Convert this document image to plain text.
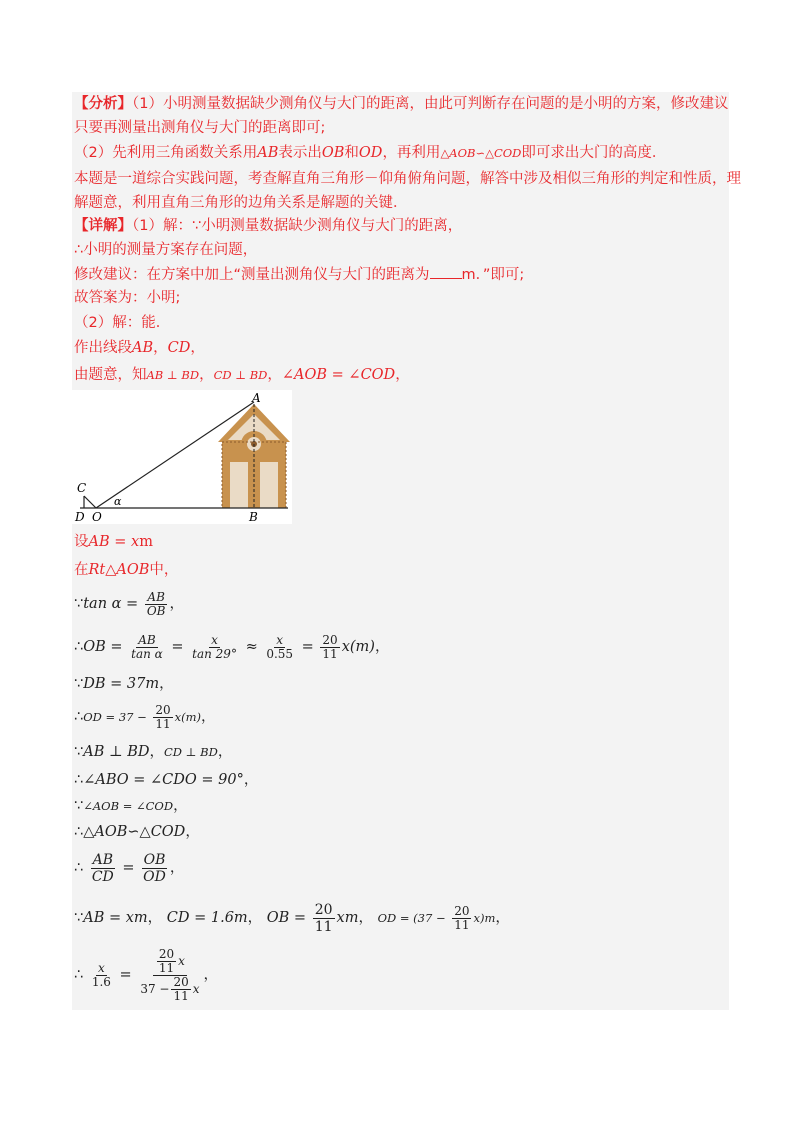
【分析】（1）小明测量数据缺少测角仪与大门的距离，由此可判断存在问题的是小明的方案，修改建议
只要再测量出测角仪与大门的距离即可;
（2）先利用三角函数关系用AB表示出OB和OD，再利用△AOB∽△COD即可求出大门的高度．
本题是一道综合实践问题，考查解直角三角形－仰角俯角问题，解答中涉及相似三角形的判定和性质，理
解题意，利用直角三角形的边角关系是解题的关键．
【详解】（1）解：∵小明测量数据缺少测角仪与大门的距离，
∴小明的测量方案存在问题，
修改建议：在方案中加上“测量出测角仪与大门的距离为 m．”即可;
故答案为：小明;
（2）解：能．
作出线段AB，CD，
由题意，知AB ⊥ BD，CD ⊥ BD，∠AOB = ∠COD，
A
B
C
D O
α
设AB = xm
在Rt△AOB中，
∵tan $\alpha = \frac{AB}{OB}$ ，
∴OB = $\frac{AB}{\text{tan α}} = \frac{x}{\tan 29^\circ} \approx \frac{x}{0.55} = \frac{20}{11} x(m)$，
∵DB = 37m，
∴OD = $37 - \frac{20}{11} x(m)$，
∵AB ⊥ BD，CD ⊥ BD，
∴∠ABO = ∠CDO = 90°，
∵∠AOB = ∠COD，
∴△AOB∽△COD，
∴ $\frac{AB}{CD} = \frac{OB}{OD}$ ，
∵AB = xm， CD = 1.6m， OB = $\frac{20}{11}$ xm， OD = $(37 - \frac{20}{11} x)m$，
∴ $\frac{x}{1.6} = \frac{\frac{20}{11} x}{37 - \frac{20}{11} x}$ ，
